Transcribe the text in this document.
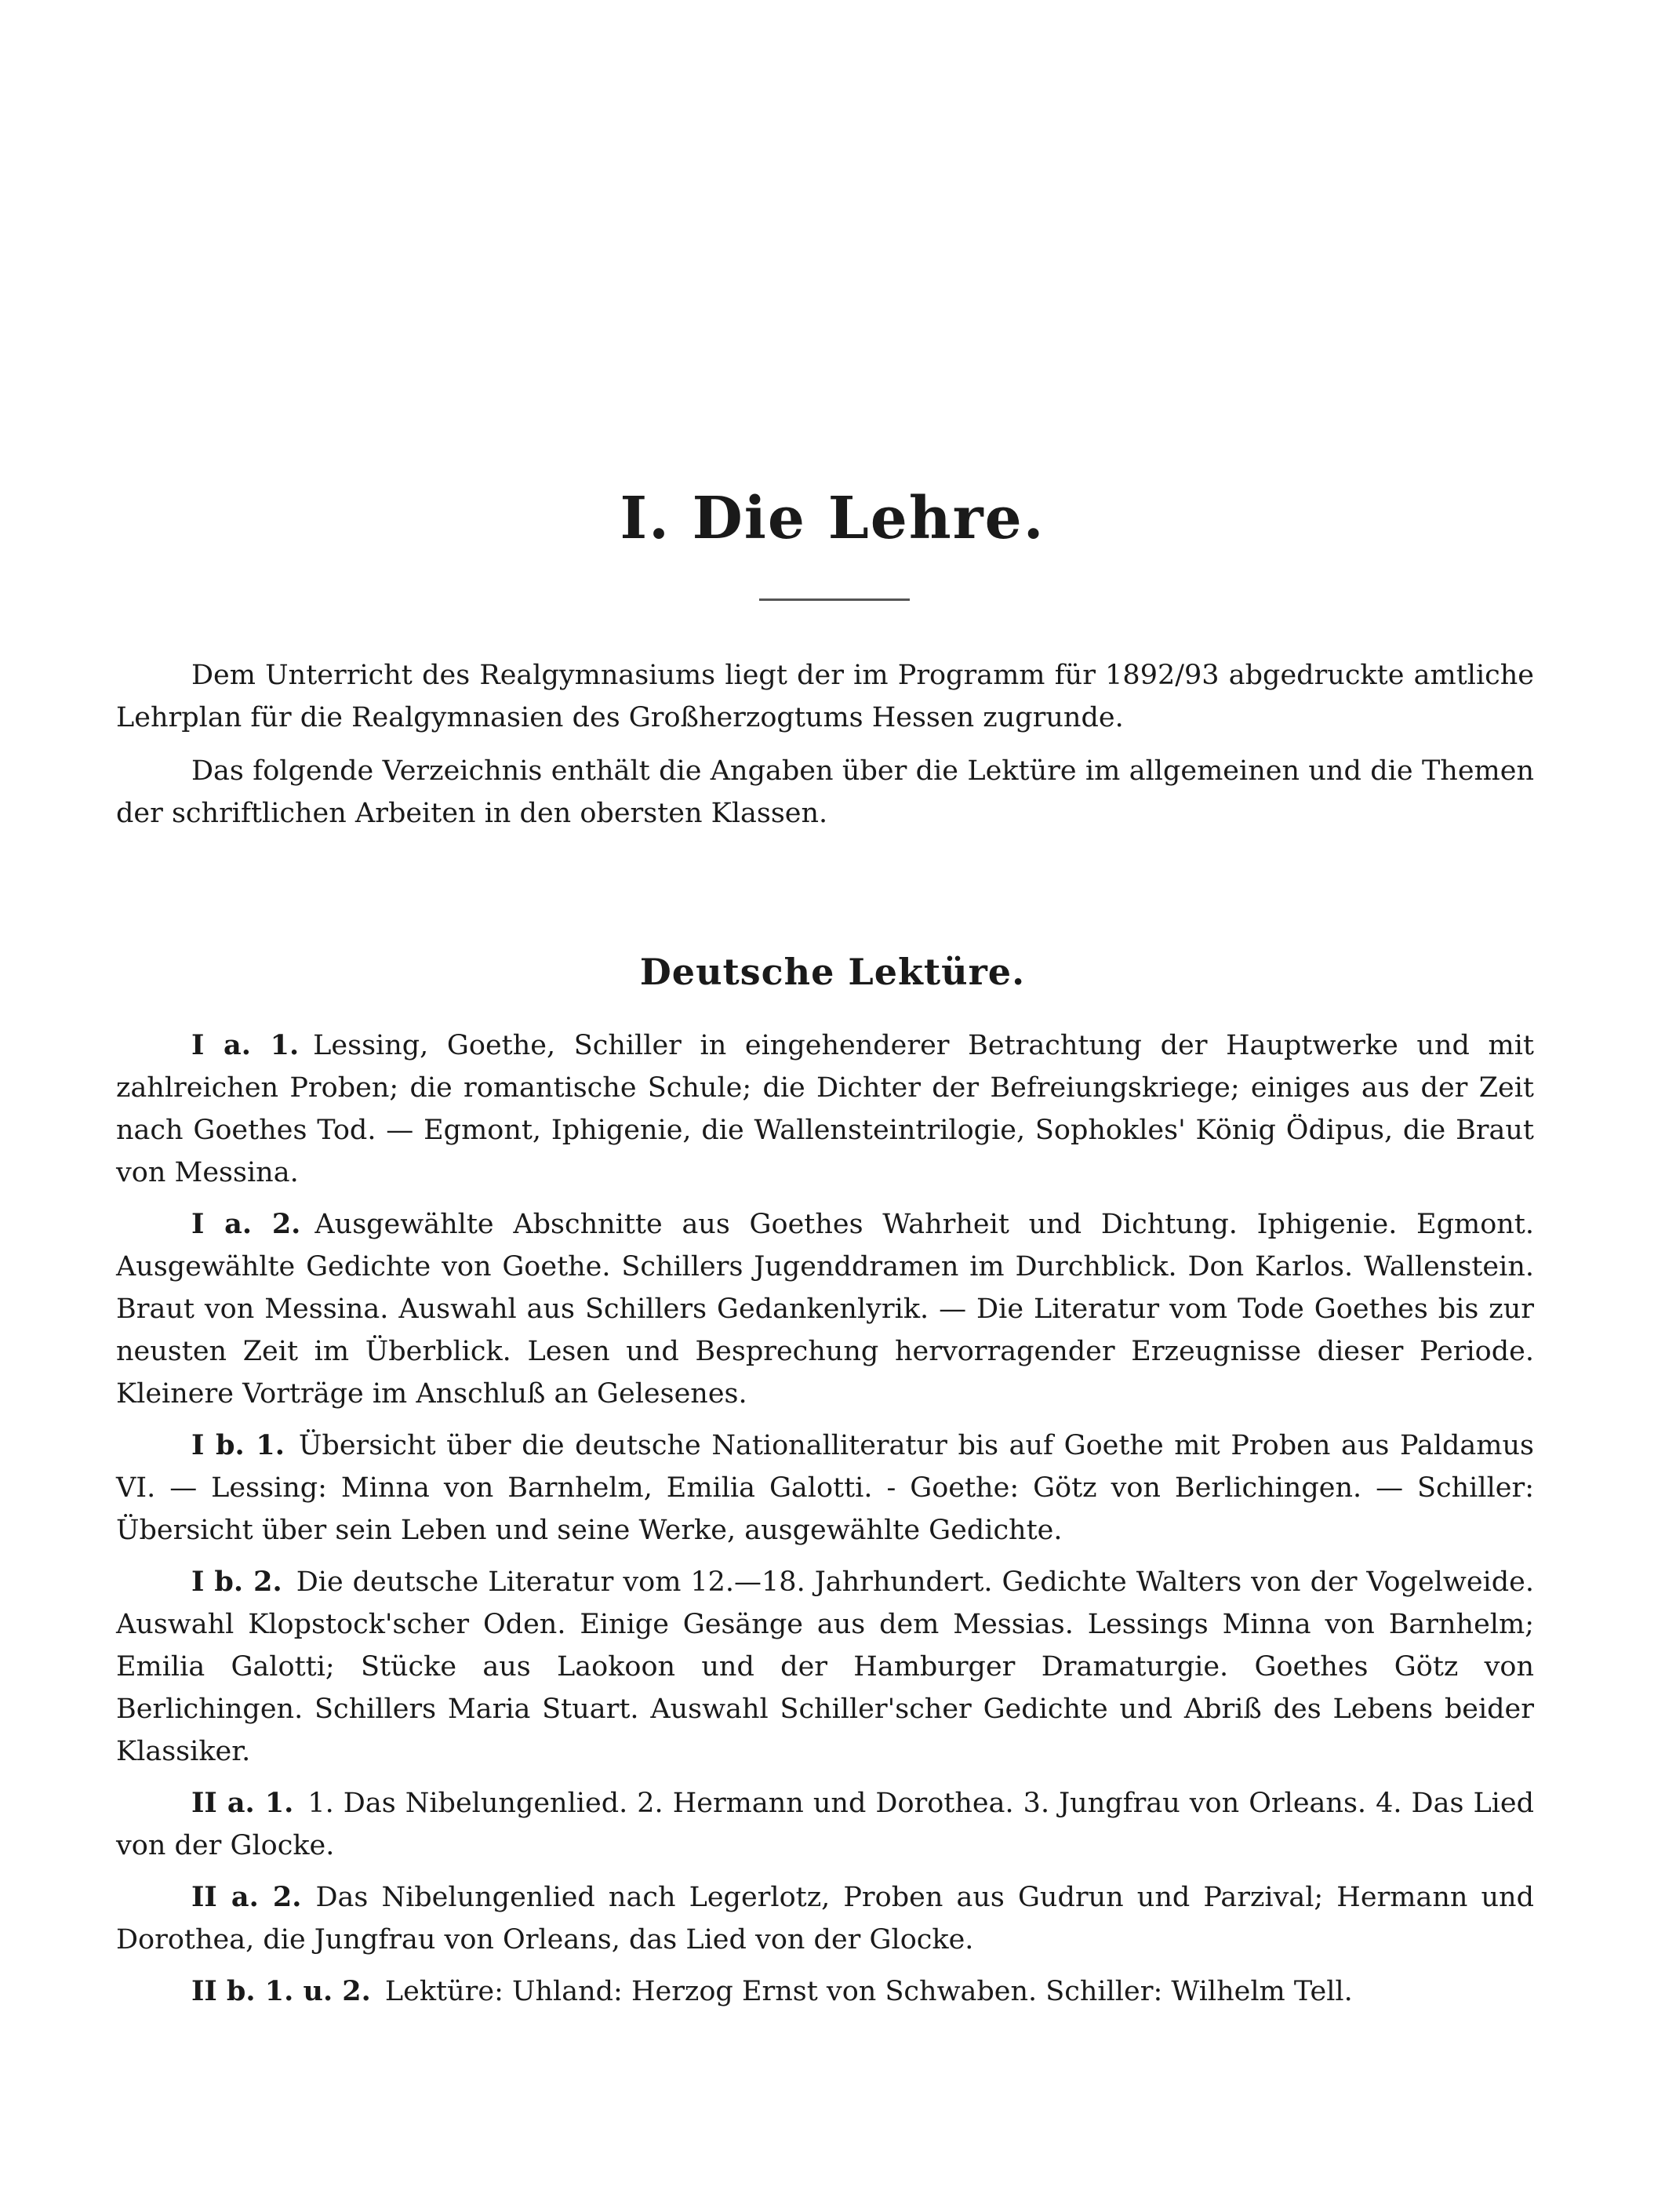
I. Die Lehre.

Dem Unterricht des Realgymnasiums liegt der im Programm für 1892/93 abgedruckte amtliche Lehrplan für die Realgymnasien des Großherzogtums Hessen zugrunde.

Das folgende Verzeichnis enthält die Angaben über die Lektüre im allgemeinen und die Themen der schriftlichen Arbeiten in den obersten Klassen.

Deutsche Lektüre.

I a. 1. Lessing, Goethe, Schiller in eingehenderer Betrachtung der Hauptwerke und mit zahlreichen Proben; die romantische Schule; die Dichter der Befreiungskriege; einiges aus der Zeit nach Goethes Tod. — Egmont, Iphigenie, die Wallensteintrilogie, Sophokles' König Ödipus, die Braut von Messina.

I a. 2. Ausgewählte Abschnitte aus Goethes Wahrheit und Dichtung. Iphigenie. Egmont. Ausgewählte Gedichte von Goethe. Schillers Jugenddramen im Durchblick. Don Karlos. Wallenstein. Braut von Messina. Auswahl aus Schillers Gedankenlyrik. — Die Literatur vom Tode Goethes bis zur neusten Zeit im Überblick. Lesen und Besprechung hervorragender Erzeugnisse dieser Periode. Kleinere Vorträge im Anschluß an Gelesenes.

I b. 1. Übersicht über die deutsche Nationalliteratur bis auf Goethe mit Proben aus Paldamus VI. — Lessing: Minna von Barnhelm, Emilia Galotti. - Goethe: Götz von Berlichingen. — Schiller: Übersicht über sein Leben und seine Werke, ausgewählte Gedichte.

I b. 2. Die deutsche Literatur vom 12.—18. Jahrhundert. Gedichte Walters von der Vogelweide. Auswahl Klopstock'scher Oden. Einige Gesänge aus dem Messias. Lessings Minna von Barnhelm; Emilia Galotti; Stücke aus Laokoon und der Hamburger Dramaturgie. Goethes Götz von Berlichingen. Schillers Maria Stuart. Auswahl Schiller'scher Gedichte und Abriß des Lebens beider Klassiker.

II a. 1. 1. Das Nibelungenlied. 2. Hermann und Dorothea. 3. Jungfrau von Orleans. 4. Das Lied von der Glocke.

II a. 2. Das Nibelungenlied nach Legerlotz, Proben aus Gudrun und Parzival; Hermann und Dorothea, die Jungfrau von Orleans, das Lied von der Glocke.

II b. 1. u. 2. Lektüre: Uhland: Herzog Ernst von Schwaben. Schiller: Wilhelm Tell.
